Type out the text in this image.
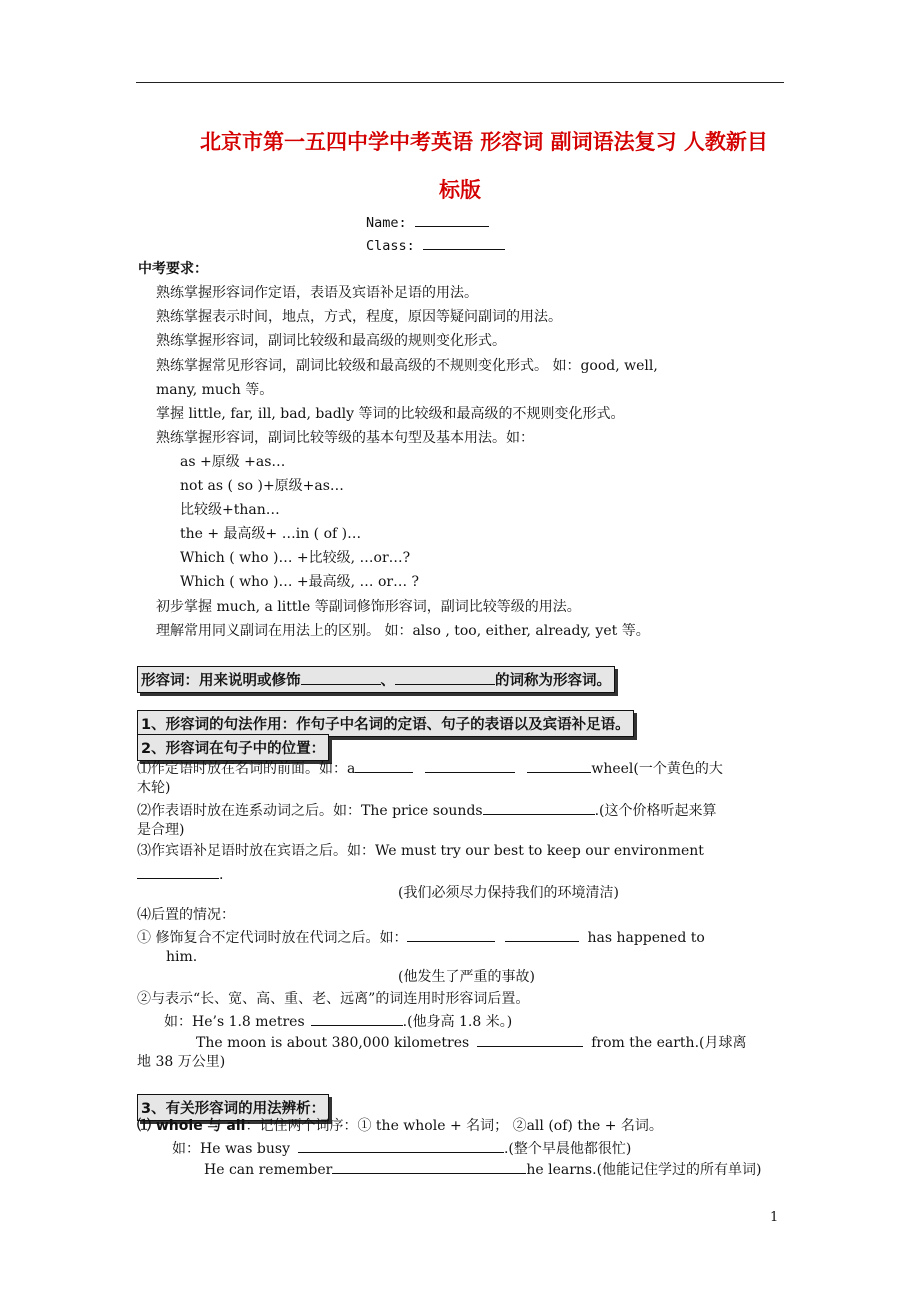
北京市第一五四中学中考英语 形容词 副词语法复习 人教新目
标版
Name:
Class:
中考要求：
熟练掌握形容词作定语，表语及宾语补足语的用法。
熟练掌握表示时间，地点，方式，程度，原因等疑问副词的用法。
熟练掌握形容词，副词比较级和最高级的规则变化形式。
熟练掌握常见形容词，副词比较级和最高级的不规则变化形式。 如：good, well,
many, much 等。
掌握 little, far, ill, bad, badly 等词的比较级和最高级的不规则变化形式。
熟练掌握形容词，副词比较等级的基本句型及基本用法。如：
as +原级 +as…
not as ( so )+原级+as…
比较级+than…
the + 最高级+ …in ( of )…
Which ( who )… +比较级, …or…?
Which ( who )… +最高级, … or… ?
初步掌握 much, a little 等副词修饰形容词，副词比较等级的用法。
理解常用同义副词在用法上的区别。 如：also , too, either, already, yet 等。
形容词：用来说明或修饰	、	的词称为形容词。
1、形容词的句法作用：作句子中名词的定语、句子的表语以及宾语补足语。
2、形容词在句子中的位置：
⑴作定语时放在名词的前面。如：a	wheel(一个黄色的大
木轮)
⑵作表语时放在连系动词之后。如：The price sounds	.(这个价格听起来算
是合理)
⑶作宾语补足语时放在宾语之后。如：We must try our best to keep our environment
.
(我们必须尽力保持我们的环境清洁)
⑷后置的情况：
① 修饰复合不定代词时放在代词之后。如：	has happened to
him.
(他发生了严重的事故)
②与表示“长、宽、高、重、老、远离”的词连用时形容词后置。
如：He’s 1.8 metres	.(他身高 1.8 米。)
The moon is about 380,000 kilometres	from the earth.(月球离
地 38 万公里)
3、有关形容词的用法辨析：
⑴ whole 与 all：记住两个词序：① the whole + 名词； ②all (of) the + 名词。
如：He was busy	.(整个早晨他都很忙)
He can remember	he learns.(他能记住学过的所有单词)
1
